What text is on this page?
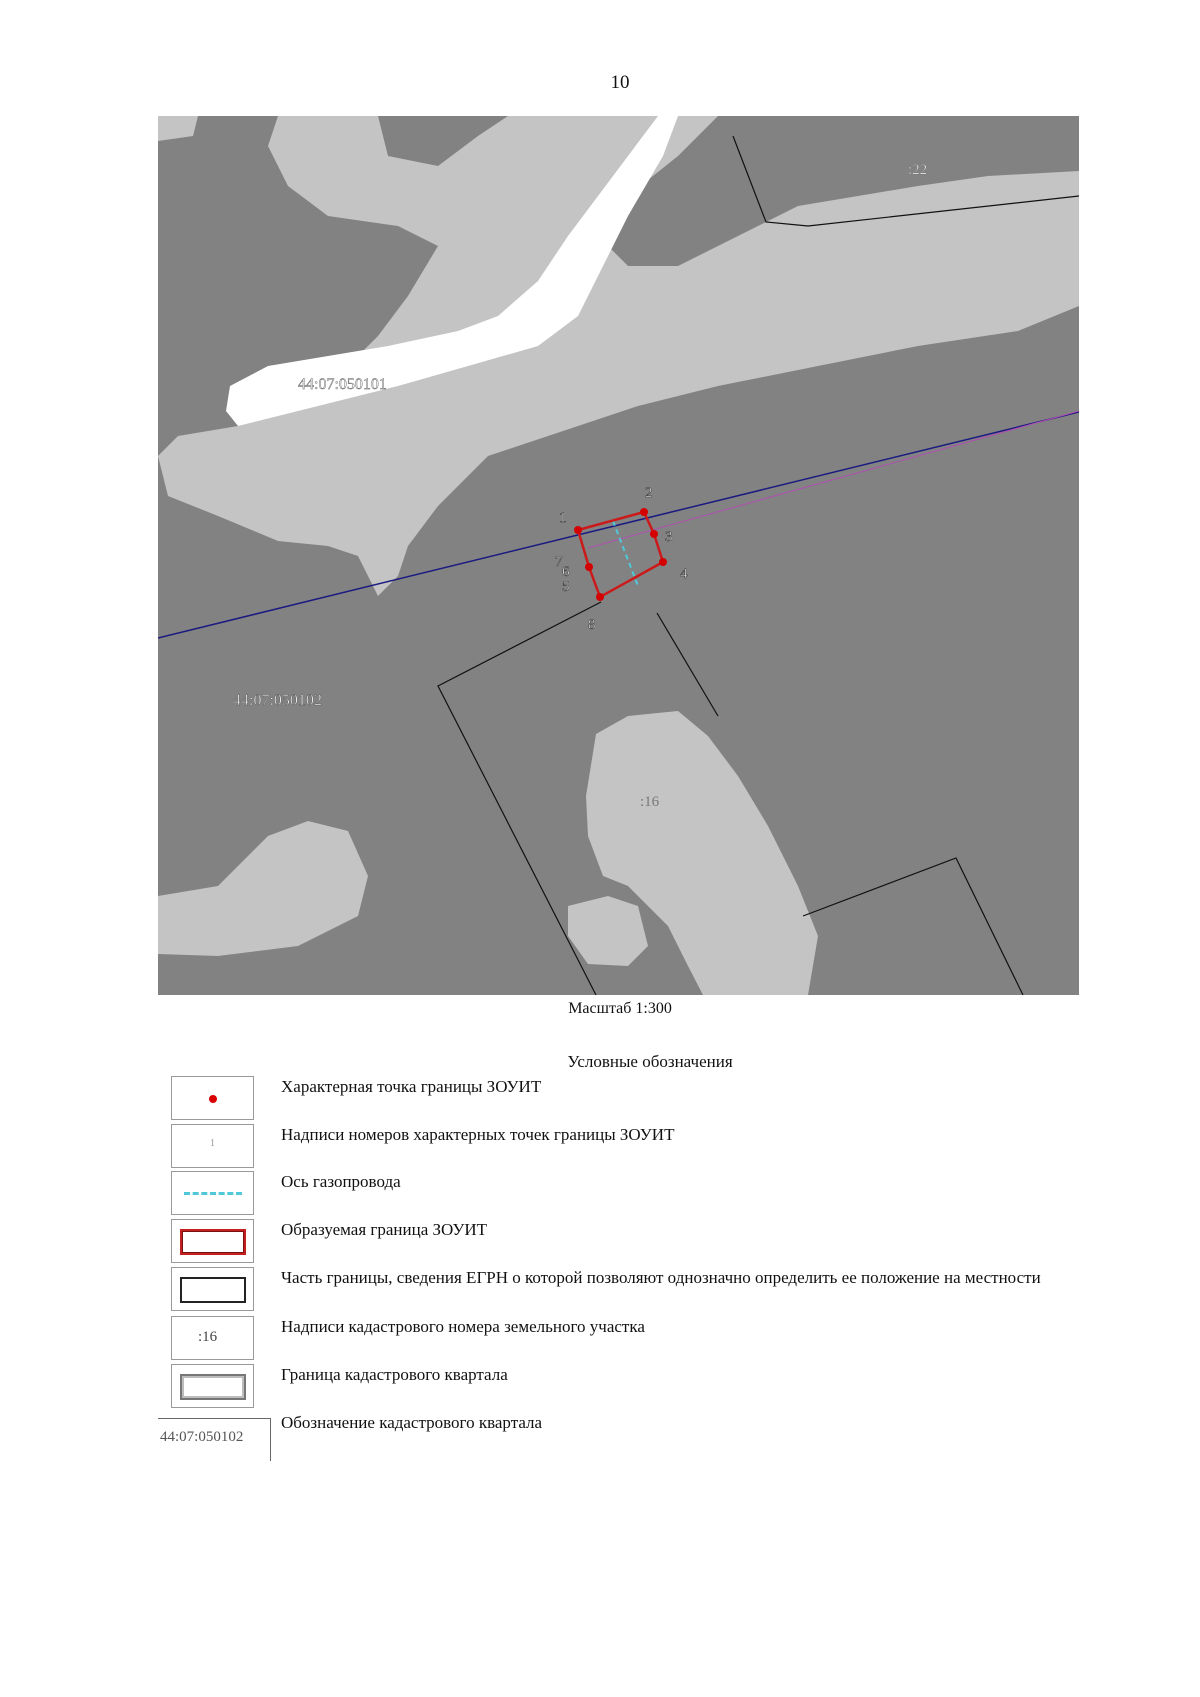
10
44:07:050101
44:07:050102
:22
:16
1
2
3
4
5
6
7
8
Масштаб 1:300
Условные обозначения
Характерная точка границы ЗОУИТ
1	Надписи номеров характерных точек границы ЗОУИТ
Ось газопровода
Образуемая граница ЗОУИТ
Часть границы, сведения ЕГРН о которой позволяют однозначно определить ее положение на местности
:16
Надписи кадастрового номера земельного участка
Граница кадастрового квартала
44:07:050102
Обозначение кадастрового квартала
